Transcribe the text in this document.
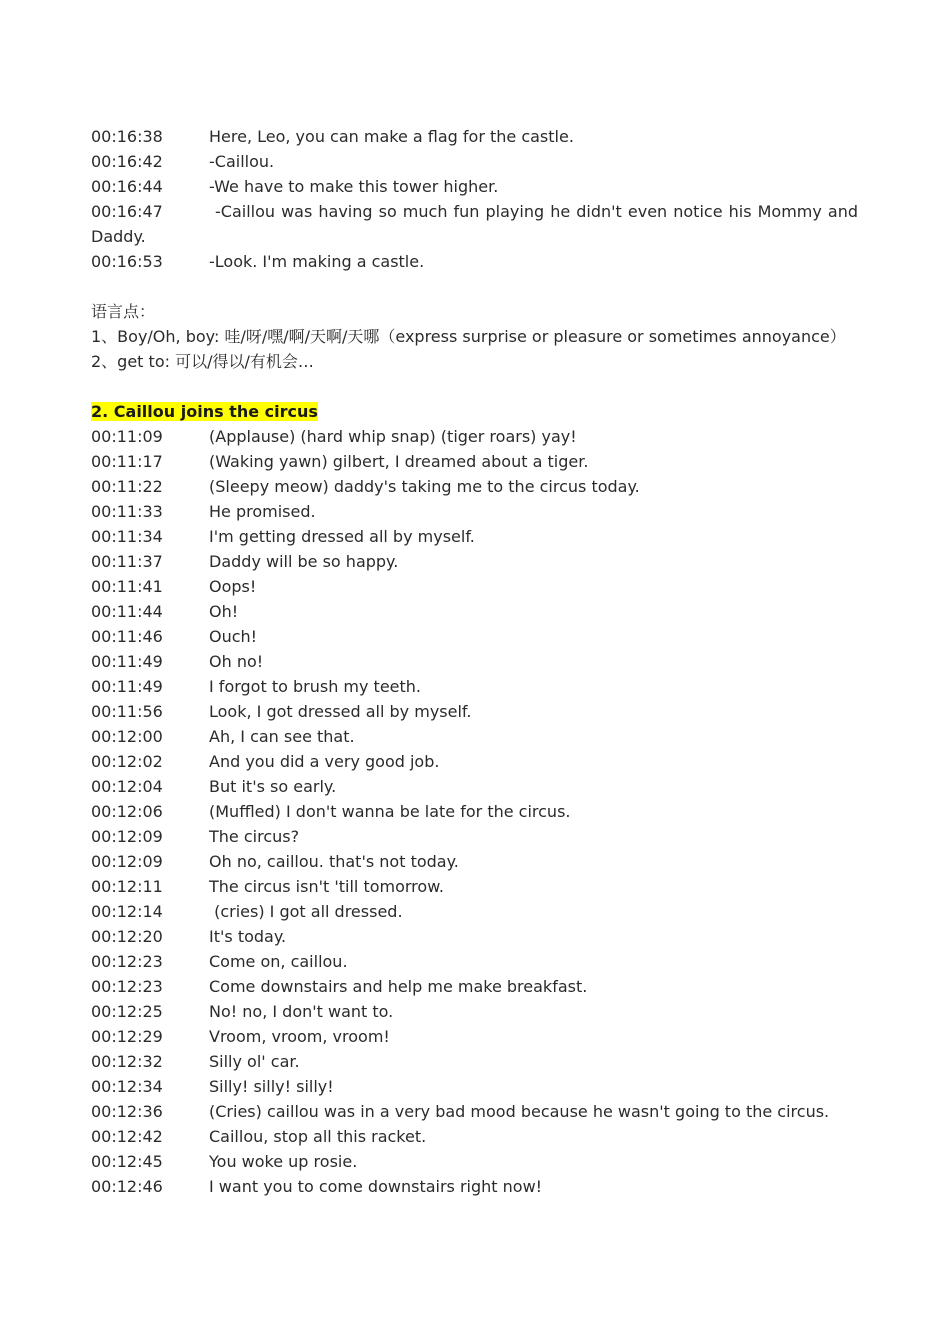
00:16:38	Here, Leo, you can make a flag for the castle.
00:16:42	-Caillou.
00:16:44	-We have to make this tower higher.
00:16:47	-Caillou was having so much fun playing he didn't even notice his Mommy and Daddy.
00:16:53	-Look. I'm making a castle.
语言点：
1、Boy/Oh, boy: 哇/呀/嘿/啊/天啊/天哪（express surprise or pleasure or sometimes annoyance）
2、get to: 可以/得以/有机会…
2. Caillou joins the circus
00:11:09	(Applause) (hard whip snap) (tiger roars) yay!
00:11:17	(Waking yawn) gilbert, I dreamed about a tiger.
00:11:22	(Sleepy meow) daddy's taking me to the circus today.
00:11:33	He promised.
00:11:34	I'm getting dressed all by myself.
00:11:37	Daddy will be so happy.
00:11:41	Oops!
00:11:44	Oh!
00:11:46	Ouch!
00:11:49	Oh no!
00:11:49	I forgot to brush my teeth.
00:11:56	Look, I got dressed all by myself.
00:12:00	Ah, I can see that.
00:12:02	And you did a very good job.
00:12:04	But it's so early.
00:12:06	(Muffled) I don't wanna be late for the circus.
00:12:09	The circus?
00:12:09	Oh no, caillou. that's not today.
00:12:11	The circus isn't 'till tomorrow.
00:12:14	(cries) I got all dressed.
00:12:20	It's today.
00:12:23	Come on, caillou.
00:12:23	Come downstairs and help me make breakfast.
00:12:25	No! no, I don't want to.
00:12:29	Vroom, vroom, vroom!
00:12:32	Silly ol' car.
00:12:34	Silly! silly! silly!
00:12:36	(Cries) caillou was in a very bad mood because he wasn't going to the circus.
00:12:42	Caillou, stop all this racket.
00:12:45	You woke up rosie.
00:12:46	I want you to come downstairs right now!
